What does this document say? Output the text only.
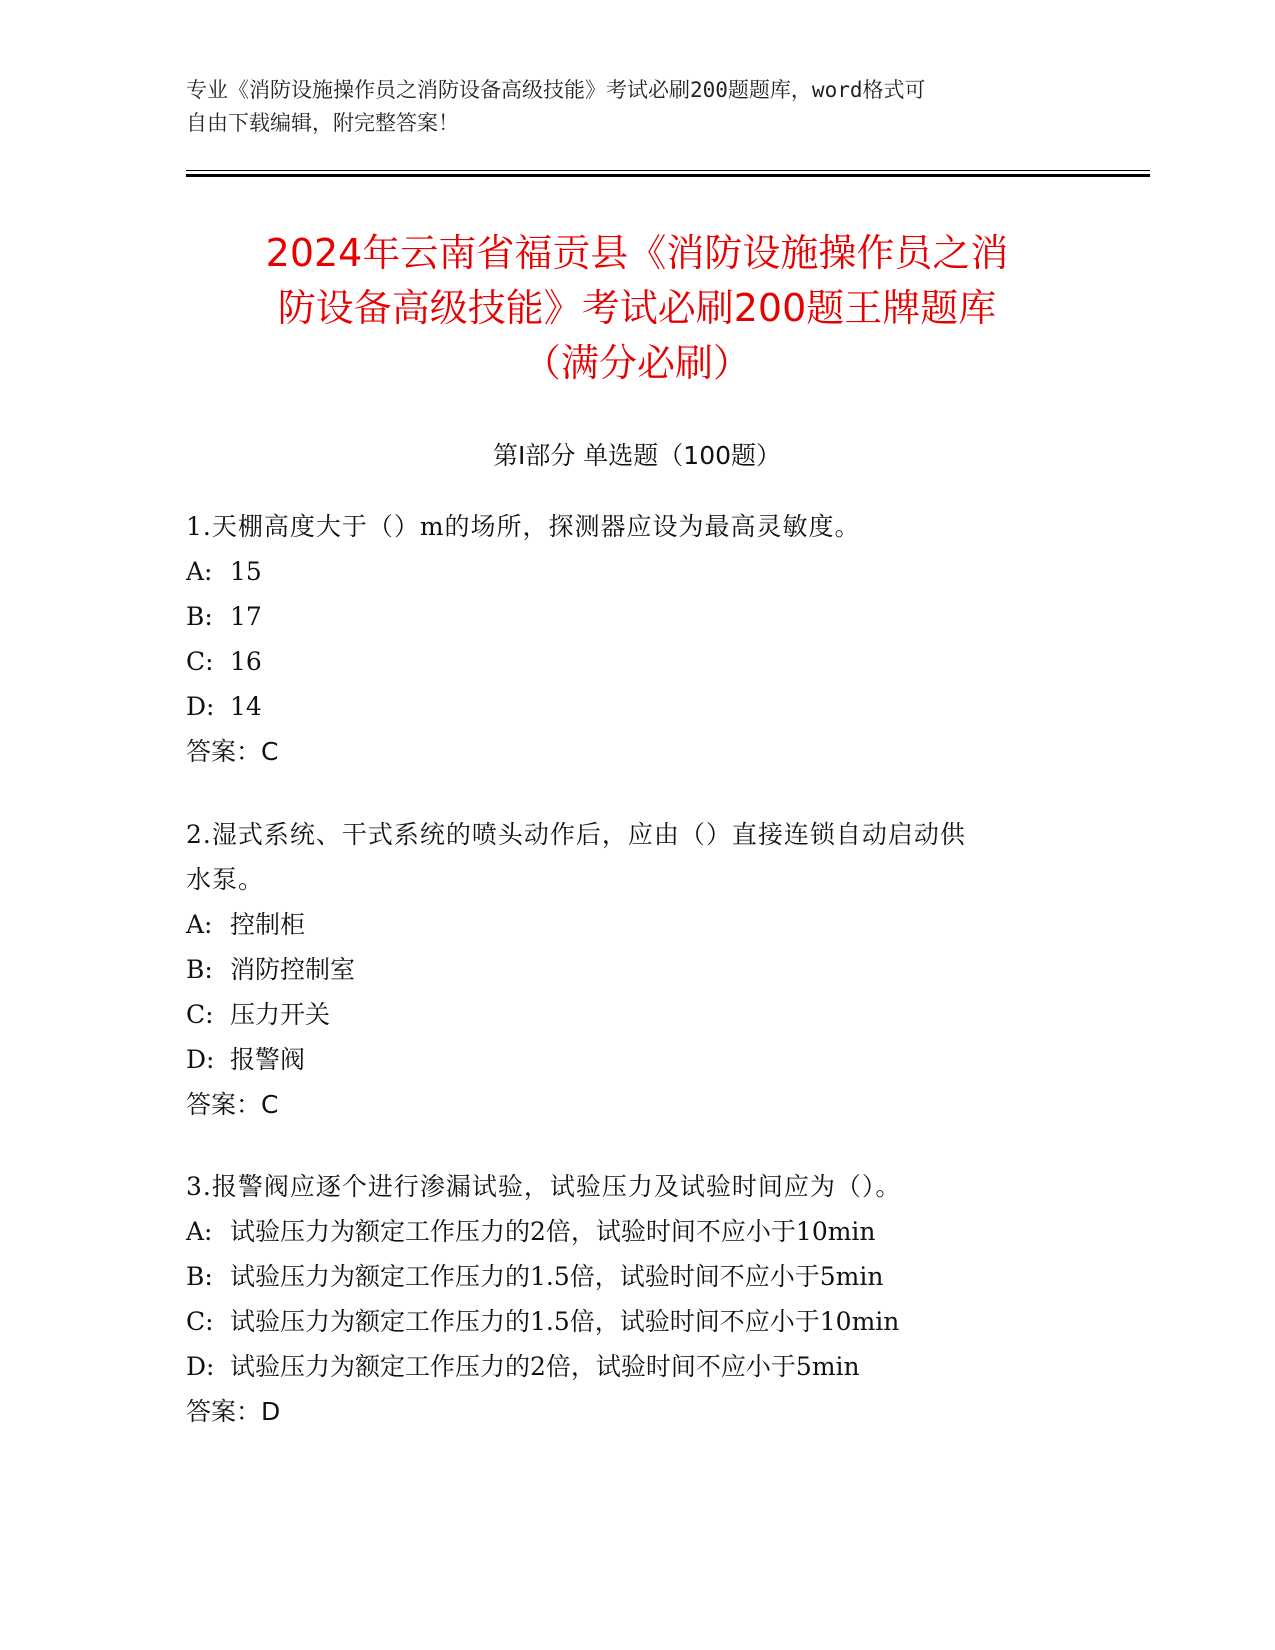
专业《消防设施操作员之消防设备高级技能》考试必刷200题题库，word格式可
自由下载编辑，附完整答案！
2024年云南省福贡县《消防设施操作员之消
防设备高级技能》考试必刷200题王牌题库
（满分必刷）
第Ⅰ部分 单选题（100题）
1.天棚高度大于（）m的场所，探测器应设为最高灵敏度。
A: 15
B: 17
C: 16
D: 14
答案：C
2.湿式系统、干式系统的喷头动作后，应由（）直接连锁自动启动供
水泵。
A: 控制柜
B: 消防控制室
C: 压力开关
D: 报警阀
答案：C
3.报警阀应逐个进行渗漏试验，试验压力及试验时间应为（）。
A: 试验压力为额定工作压力的2倍，试验时间不应小于10min
B: 试验压力为额定工作压力的1.5倍，试验时间不应小于5min
C: 试验压力为额定工作压力的1.5倍，试验时间不应小于10min
D: 试验压力为额定工作压力的2倍，试验时间不应小于5min
答案：D
